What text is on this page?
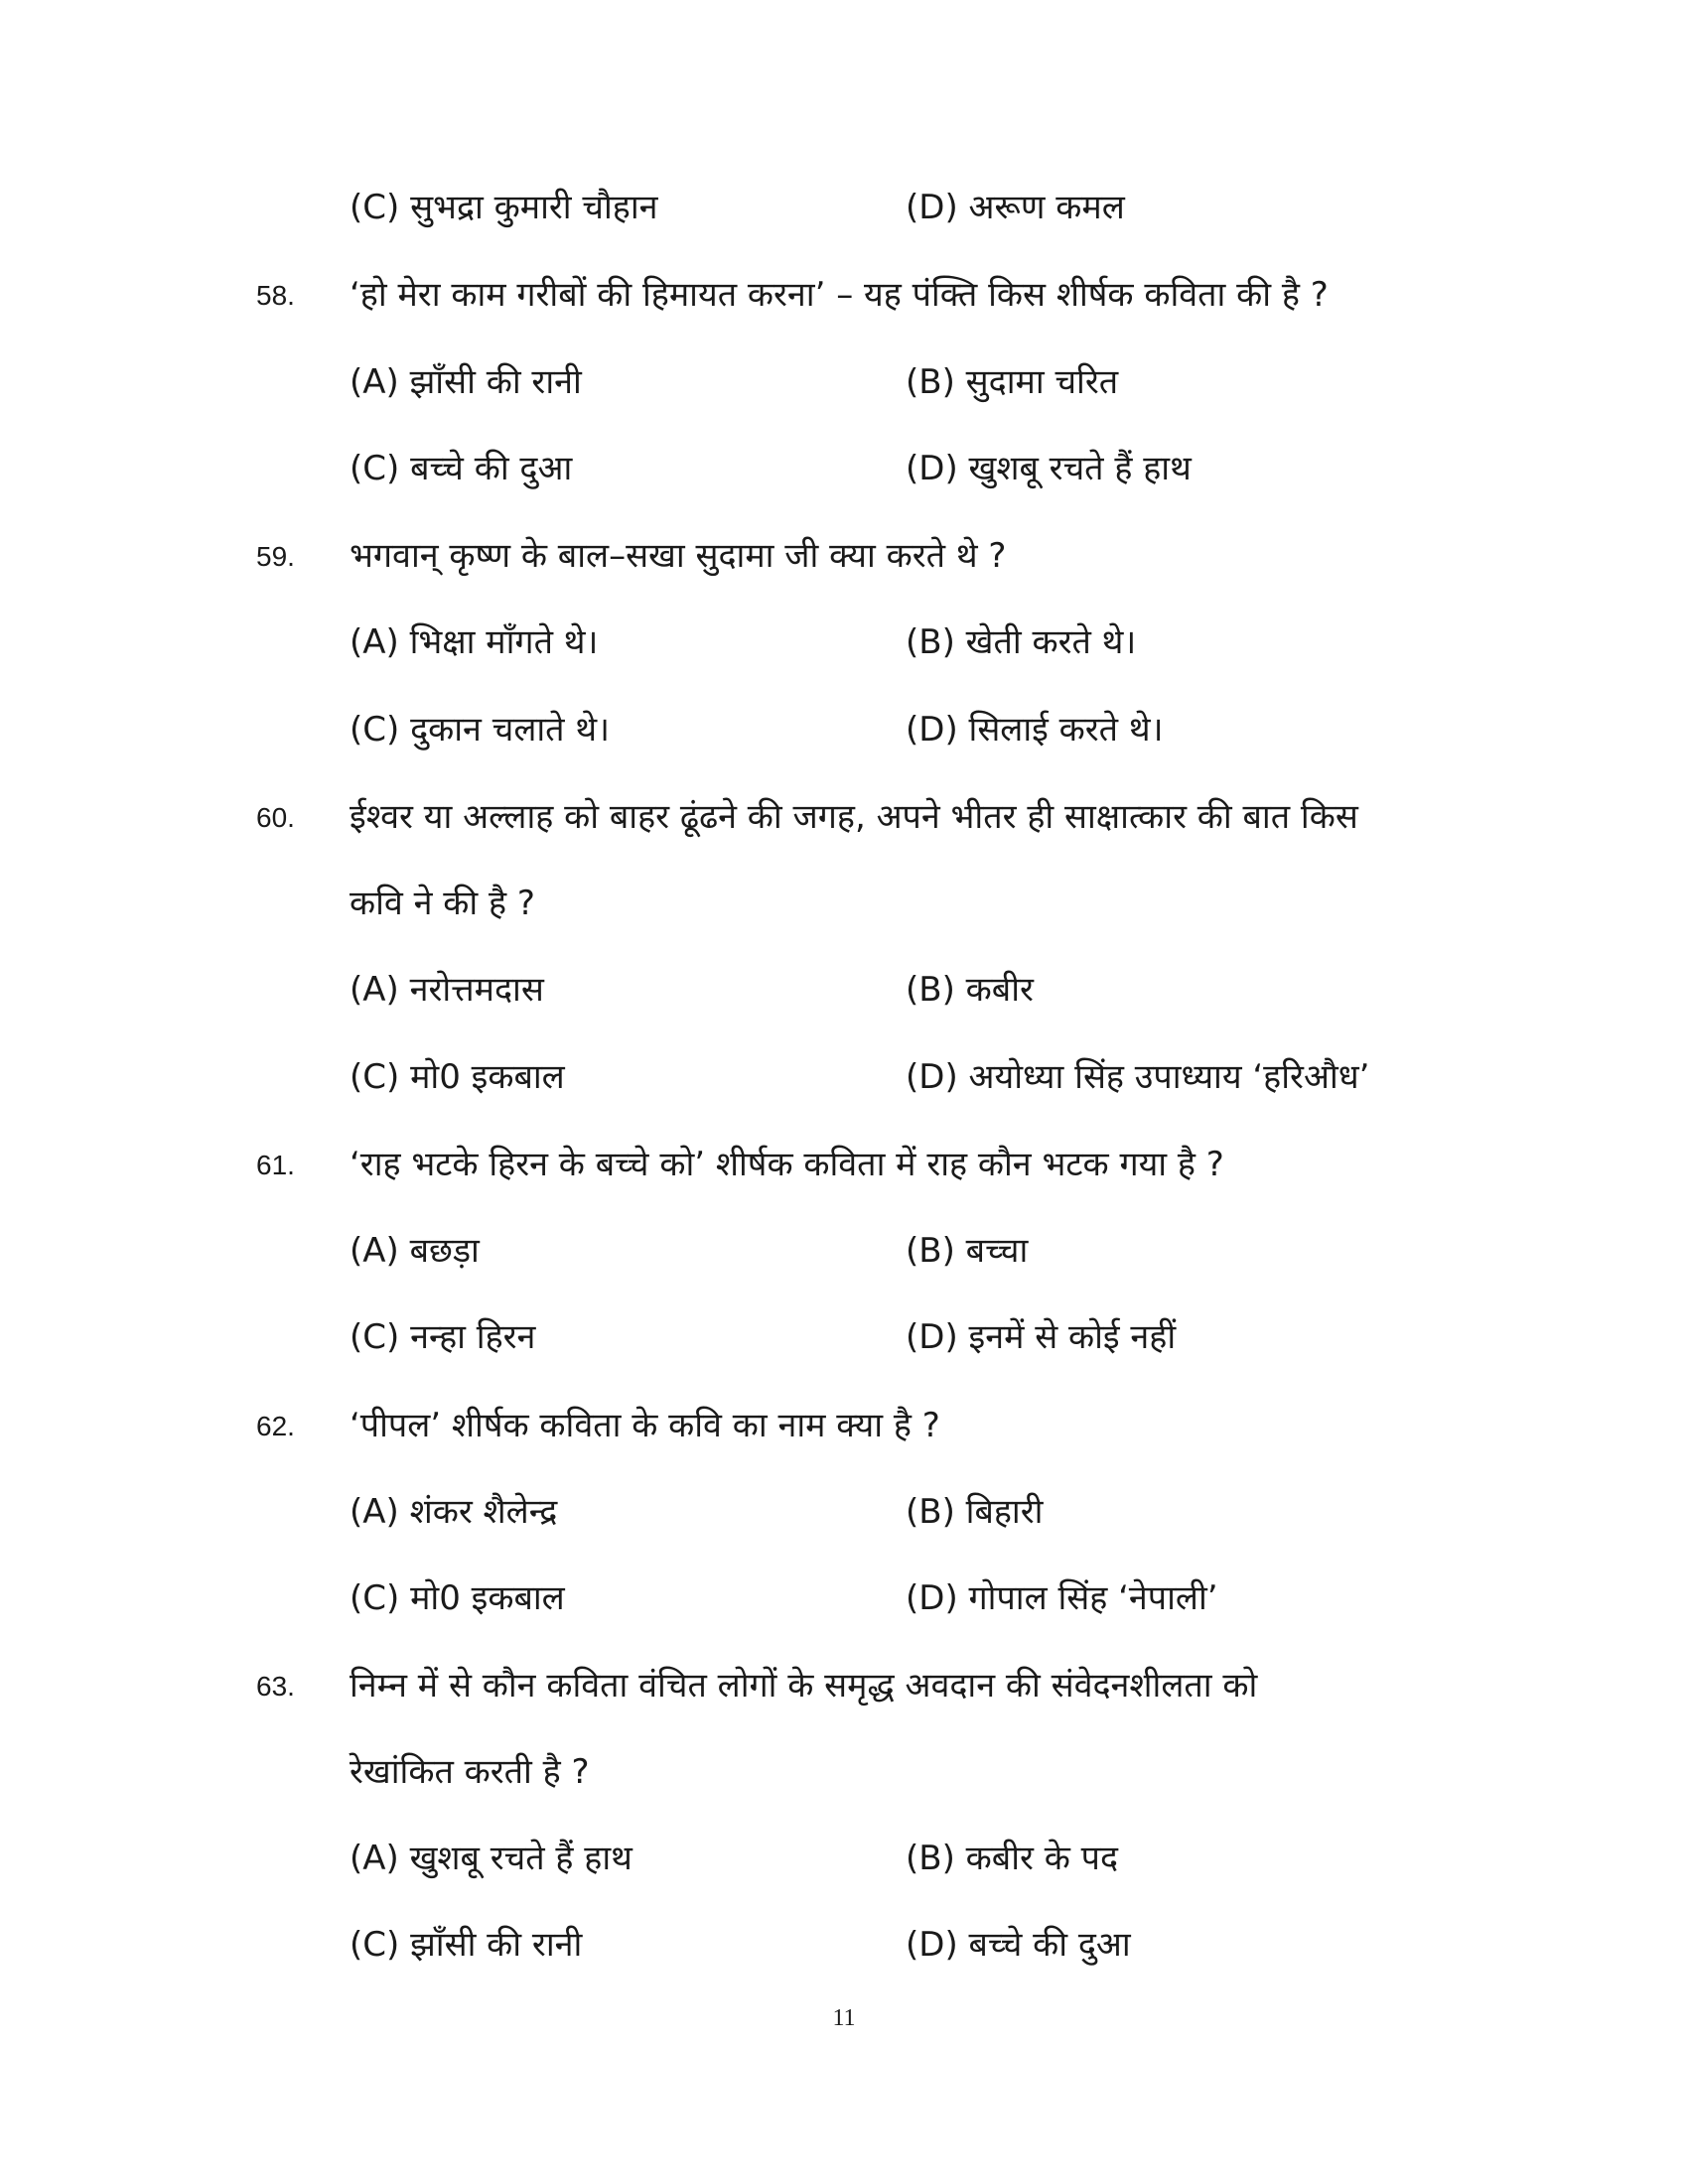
(C) सुभद्रा कुमारी चौहान	(D) अरूण कमल
58. ‘हो मेरा काम गरीबों की हिमायत करना’ – यह पंक्ति किस शीर्षक कविता की है ?
(A) झाँसी की रानी	(B) सुदामा चरित
(C) बच्चे की दुआ	(D) खुशबू रचते हैं हाथ
59. भगवान् कृष्ण के बाल–सखा सुदामा जी क्या करते थे ?
(A) भिक्षा माँगते थे।	(B) खेती करते थे।
(C) दुकान चलाते थे।	(D) सिलाई करते थे।
60. ईश्वर या अल्लाह को बाहर ढूंढने की जगह, अपने भीतर ही साक्षात्कार की बात किस
कवि ने की है ?
(A) नरोत्तमदास	(B) कबीर
(C) मो0 इकबाल	(D) अयोध्या सिंह उपाध्याय ‘हरिऔध’
61. ‘राह भटके हिरन के बच्चे को’ शीर्षक कविता में राह कौन भटक गया है ?
(A) बछड़ा	(B) बच्चा
(C) नन्हा हिरन	(D) इनमें से कोई नहीं
62. ‘पीपल’ शीर्षक कविता के कवि का नाम क्या है ?
(A) शंकर शैलेन्द्र	(B) बिहारी
(C) मो0 इकबाल	(D) गोपाल सिंह ‘नेपाली’
63. निम्न में से कौन कविता वंचित लोगों के समृद्ध अवदान की संवेदनशीलता को
रेखांकित करती है ?
(A) खुशबू रचते हैं हाथ	(B) कबीर के पद
(C) झाँसी की रानी	(D) बच्चे की दुआ
11
